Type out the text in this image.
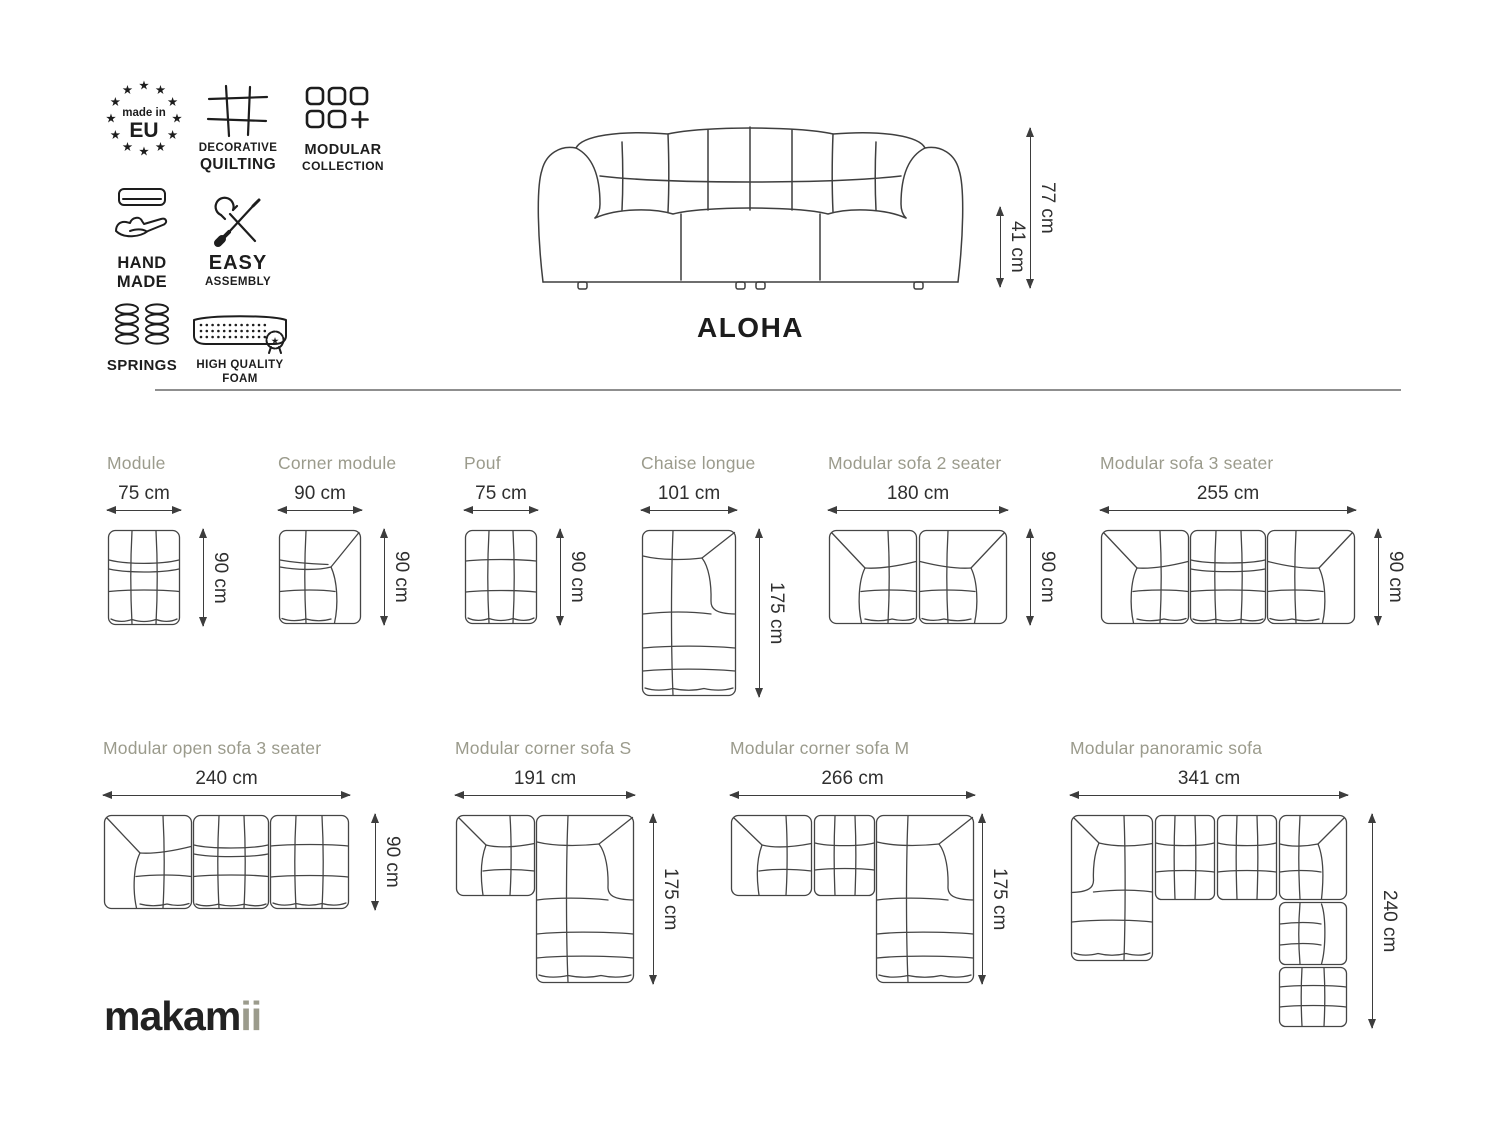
★ ★
★
★
★
★
★
★
★
★
★
★
made in
EU
DECORATIVE
QUILTING
MODULAR
COLLECTION
HAND
MADE
EASY
ASSEMBLY
SPRINGS
★
HIGH QUALITY
FOAM
41 cm
77 cm
ALOHA
Module
75 cm
90 cm
Corner module
90 cm
90 cm
Pouf
75 cm
90 cm
Chaise longue
101 cm
175 cm
Modular sofa 2 seater
180 cm
90 cm
Modular sofa 3 seater
255 cm
90 cm
Modular open sofa 3 seater
240 cm
90 cm
Modular corner sofa S
191 cm
175 cm
Modular corner sofa M
266 cm
175 cm
Modular panoramic sofa
341 cm
240 cm
makamii
